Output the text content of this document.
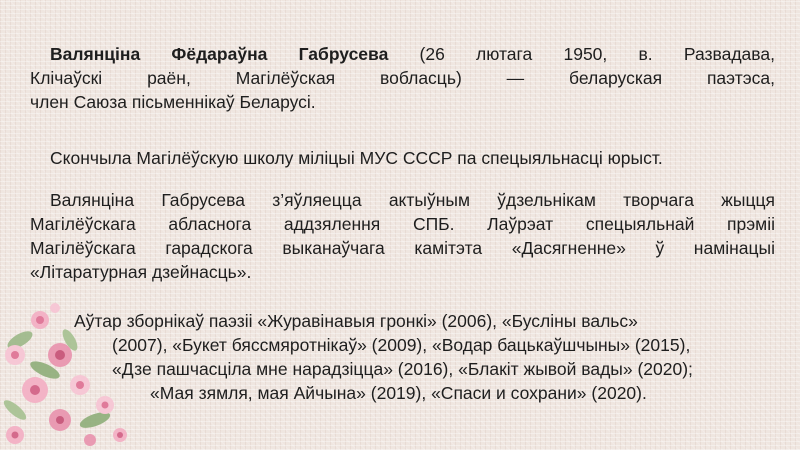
Валянціна Фёдараўна Габрусева (26 лютага 1950, в. Развадава,
Клічаўскі раён, Магілёўская вобласць) — беларуская паэтэса,
член Саюза пісьменнікаў Беларусі.

Скончыла Магілёўскую школу міліцыі МУС СССР па спецыяльнасці юрыст.

Валянціна Габрусева з’яўляецца актыўным ўдзельнікам творчага жыцця
Магілёўскага абласнога аддзялення СПБ. Лаўрэат спецыяльнай прэміі
Магілёўскага гарадскога выканаўчага камітэта «Дасягненне» ў намінацыі
«Літаратурная дзейнасць».

Аўтар зборнікаў паэзіі «Журавінавыя гронкі» (2006), «Бусліны вальс»
(2007), «Букет бяссмяротнікаў» (2009), «Водар бацькаўшчыны» (2015),
«Дзе пашчасціла мне нарадзіцца» (2016), «Блакіт жывой вады» (2020);
«Мая зямля, мая Айчына» (2019), «Спаси и сохрани» (2020).
